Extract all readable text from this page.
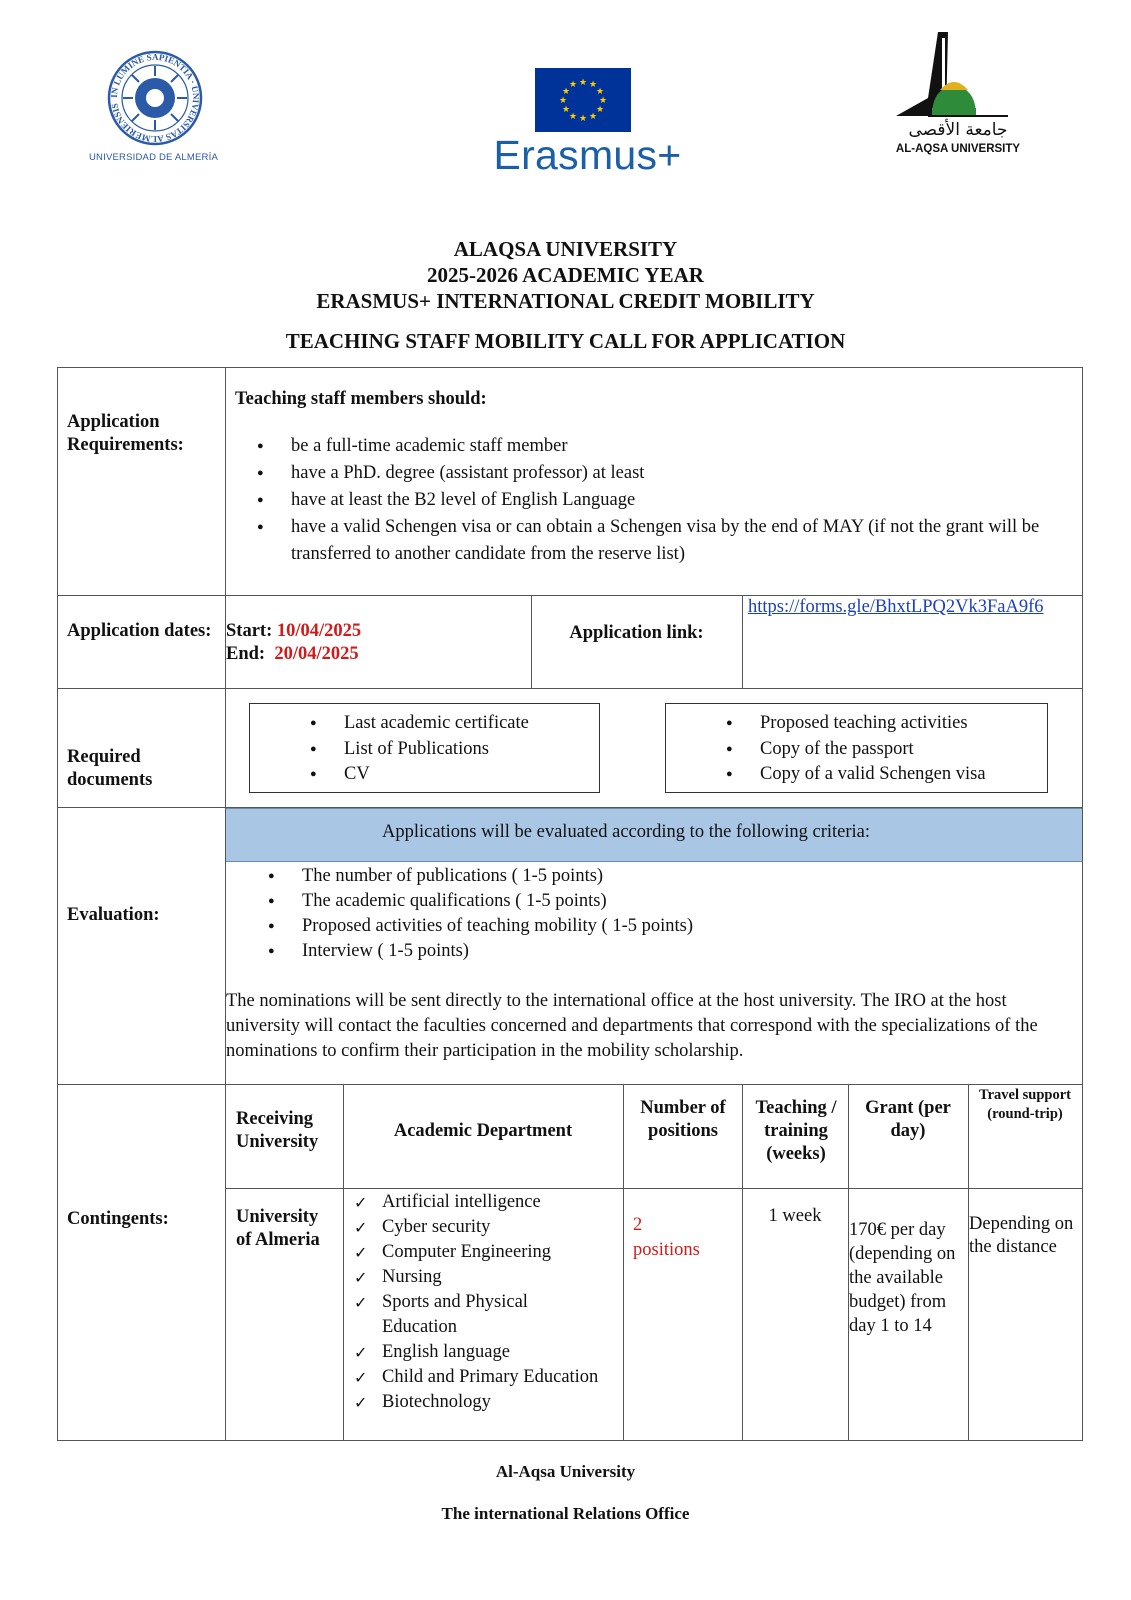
IN LUMINE SAPIENTIA · UNIVERSITAS ALMERIENSIS
UNIVERSIDAD DE ALMERÍA
★ ★
★
★
★
★
★
★
★
★
★
★
Erasmus+
جامعة الأقصى
AL-AQSA UNIVERSITY
ALAQSA UNIVERSITY
2025-2026 ACADEMIC YEAR
ERASMUS+ INTERNATIONAL CREDIT MOBILITY
TEACHING STAFF MOBILITY CALL FOR APPLICATION
Application Requirements:
Teaching staff members should:
● be a full-time academic staff member
● have a PhD. degree (assistant professor) at least
● have at least the B2 level of English Language
● have a valid Schengen visa or can obtain a Schengen visa by the end of MAY (if not the grant will be transferred to another candidate from the reserve list)
Application dates: Start: 10/04/2025
End: 20/04/2025
Application link:
https://forms.gle/BhxtLPQ2Vk3FaA9f6
Required documents
● Last academic certificate
● List of Publications
● CV
● Proposed teaching activities
● Copy of the passport
● Copy of a valid Schengen visa
Evaluation:
Applications will be evaluated according to the following criteria:
● The number of publications ( 1-5 points)
● The academic qualifications ( 1-5 points)
● Proposed activities of teaching mobility ( 1-5 points)
● Interview ( 1-5 points)
The nominations will be sent directly to the international office at the host university. The IRO at the host university will contact the faculties concerned and departments that correspond with the specializations of the nominations to confirm their participation in the mobility scholarship.
Contingents:
Receiving University
Academic Department
Number of positions
Teaching / training (weeks)
Grant (per day)
Travel support (round-trip)
University of Almeria
✓ Artificial intelligence
✓ Cyber security
✓ Computer Engineering
✓ Nursing
✓ Sports and Physical Education
✓ English language
✓ Child and Primary Education
✓ Biotechnology
2
positions
1 week
170€ per day (depending on the available budget) from day 1 to 14
Depending on the distance
Al-Aqsa University
The international Relations Office
